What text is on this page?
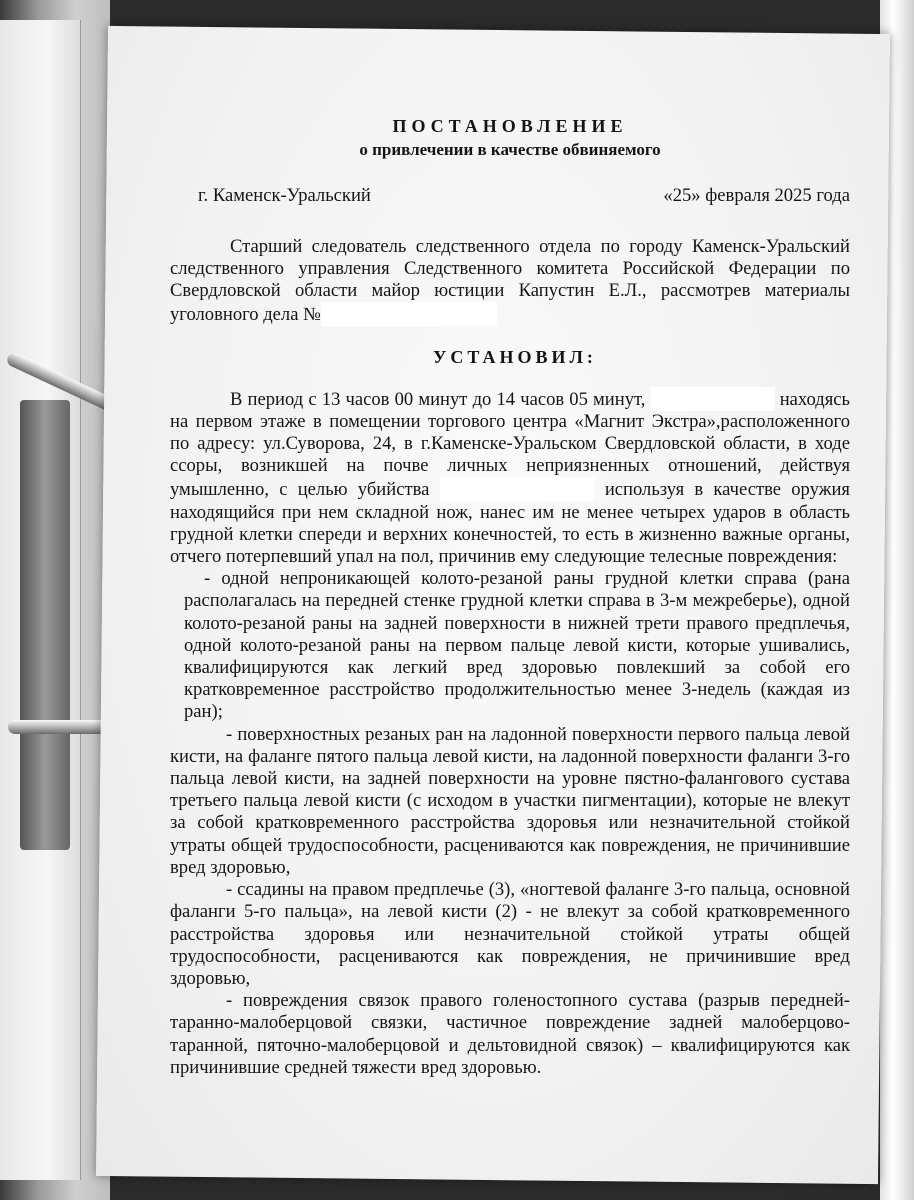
ПОСТАНОВЛЕНИЕ
о привлечении в качестве обвиняемого
г. Каменск-Уральский	«25» февраля 2025 года

Старший следователь следственного отдела по городу Каменск-Уральский следственного управления Следственного комитета Российской Федерации по Свердловской области майор юстиции Капустин Е.Л., рассмотрев материалы уголовного дела №

УСТАНОВИЛ:

В период с 13 часов 00 минут до 14 часов 05 минут,	находясь на первом этаже в помещении торгового центра «Магнит Экстра»,расположенного по адресу: ул.Суворова, 24, в г.Каменске-Уральском Свердловской области, в ходе ссоры, возникшей на почве личных неприязненных отношений, действуя умышленно, с целью убийства	используя в качестве оружия находящийся при нем складной нож, нанес им не менее четырех ударов в область грудной клетки спереди и верхних конечностей, то есть в жизненно важные органы, отчего потерпевший упал на пол, причинив ему следующие телесные повреждения:

- одной непроникающей колото-резаной раны грудной клетки справа (рана располагалась на передней стенке грудной клетки справа в 3-м межреберье), одной колото-резаной раны на задней поверхности в нижней трети правого предплечья, одной колото-резаной раны на первом пальце левой кисти, которые ушивались, квалифицируются как легкий вред здоровью повлекший за собой его кратковременное расстройство продолжительностью менее 3-недель (каждая из ран);

- поверхностных резаных ран на ладонной поверхности первого пальца левой кисти, на фаланге пятого пальца левой кисти, на ладонной поверхности фаланги 3-го пальца левой кисти, на задней поверхности на уровне пястно-фалангового сустава третьего пальца левой кисти (с исходом в участки пигментации), которые не влекут за собой кратковременного расстройства здоровья или незначительной стойкой утраты общей трудоспособности, расцениваются как повреждения, не причинившие вред здоровью,

- ссадины на правом предплечье (3), «ногтевой фаланге 3-го пальца, основной фаланги 5-го пальца», на левой кисти (2) - не влекут за собой кратковременного расстройства здоровья или незначительной стойкой утраты общей трудоспособности, расцениваются как повреждения, не причинившие вред здоровью,

- повреждения связок правого голеностопного сустава (разрыв передней-таранно-малоберцовой связки, частичное повреждение задней малоберцово-таранной, пяточно-малоберцовой и дельтовидной связок) – квалифицируются как причинившие средней тяжести вред здоровью.
